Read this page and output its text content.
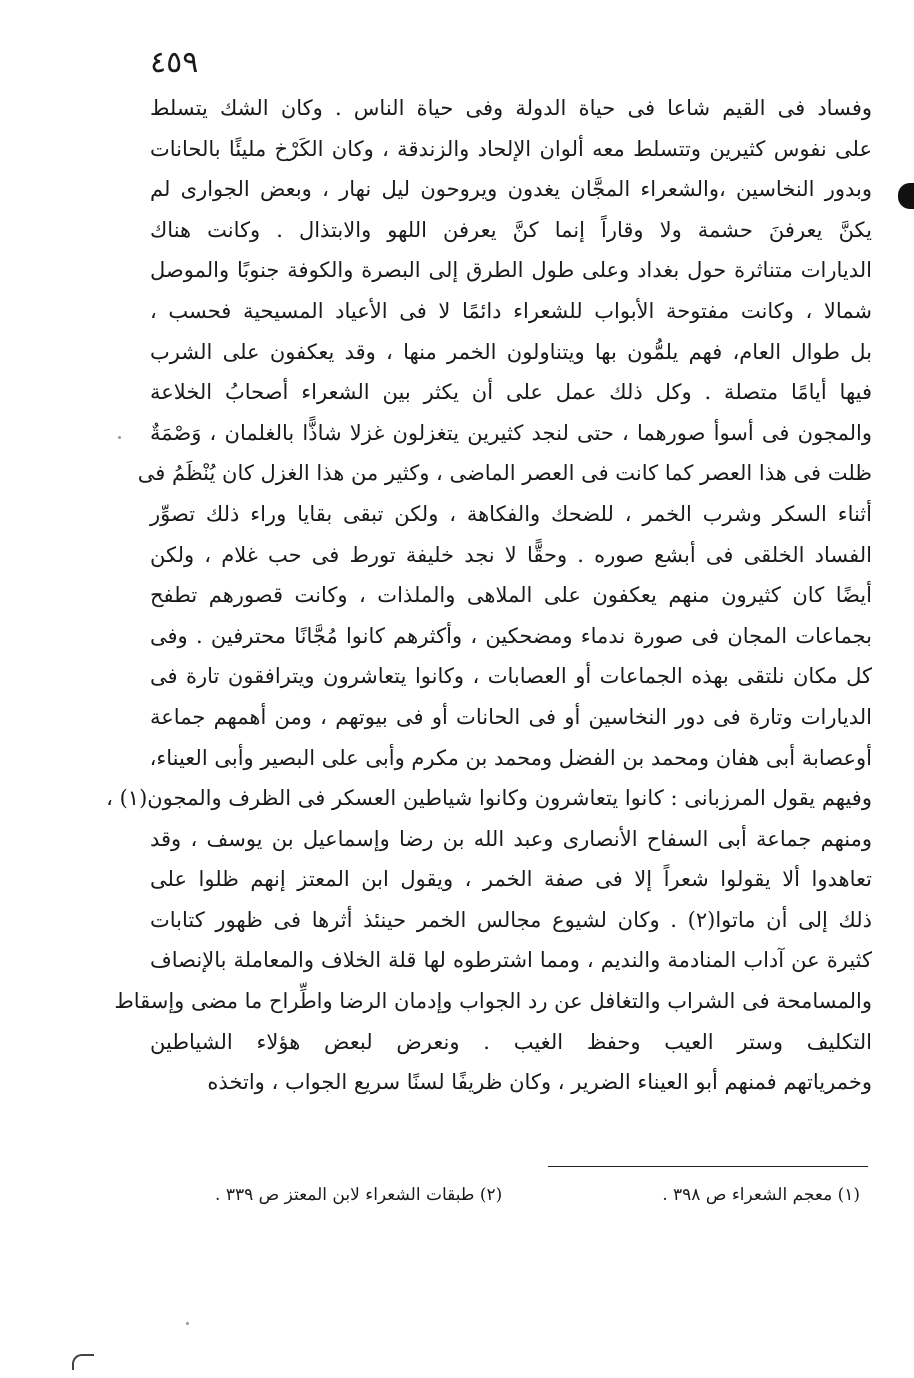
٤٥٩
وفساد فى القيم شاعا فى حياة الدولة وفى حياة الناس . وكان الشك يتسلط
على نفوس كثيرين وتتسلط معه ألوان الإلحاد والزندقة ، وكان الكَرْخ مليئًا بالحانات
وبدور النخاسين ،والشعراء المجَّان يغدون ويروحون ليل نهار ، وبعض الجوارى لم
يكنَّ يعرفنَ حشمة ولا وقاراً إنما كنَّ يعرفن اللهو والابتذال . وكانت هناك
الديارات متناثرة حول بغداد وعلى طول الطرق إلى البصرة والكوفة جنوبًا والموصل
شمالا ، وكانت مفتوحة الأبواب للشعراء دائمًا لا فى الأعياد المسيحية فحسب ،
بل طوال العام، فهم يلمُّون بها ويتناولون الخمر منها ، وقد يعكفون على الشرب
فيها أيامًا متصلة . وكل ذلك عمل على أن يكثر بين الشعراء أصحابُ الخلاعة
والمجون فى أسوأ صورهما ، حتى لنجد كثيرين يتغزلون غزلا شاذًّا بالغلمان ، وَصْمَةٌ
ظلت فى هذا العصر كما كانت فى العصر الماضى ، وكثير من هذا الغزل كان يُنْظَمُ فى
أثناء السكر وشرب الخمر ، للضحك والفكاهة ، ولكن تبقى بقايا وراء ذلك تصوِّر
الفساد الخلقى فى أبشع صوره . وحقًّا لا نجد خليفة تورط فى حب غلام ، ولكن
أيضًا كان كثيرون منهم يعكفون على الملاهى والملذات ، وكانت قصورهم تطفح
بجماعات المجان فى صورة ندماء ومضحكين ، وأكثرهم كانوا مُجَّانًا محترفين . وفى
كل مكان نلتقى بهذه الجماعات أو العصابات ، وكانوا يتعاشرون ويترافقون تارة فى
الديارات وتارة فى دور النخاسين أو فى الحانات أو فى بيوتهم ، ومن أهمهم جماعة
أوعصابة أبى هفان ومحمد بن الفضل ومحمد بن مكرم وأبى على البصير وأبى العيناء،
وفيهم يقول المرزبانى : كانوا يتعاشرون وكانوا شياطين العسكر فى الظرف والمجون(١) ،
ومنهم جماعة أبى السفاح الأنصارى وعبد الله بن رضا وإسماعيل بن يوسف ، وقد
تعاهدوا ألا يقولوا شعراً إلا فى صفة الخمر ، ويقول ابن المعتز إنهم ظلوا على
ذلك إلى أن ماتوا(٢) . وكان لشيوع مجالس الخمر حينئذ أثرها فى ظهور كتابات
كثيرة عن آداب المنادمة والنديم ، ومما اشترطوه لها قلة الخلاف والمعاملة بالإنصاف
والمسامحة فى الشراب والتغافل عن رد الجواب وإدمان الرضا واطِّراح ما مضى وإسقاط
التكليف وستر العيب وحفظ الغيب . ونعرض لبعض هؤلاء الشياطين
وخمرياتهم فمنهم أبو العيناء الضرير ، وكان ظريفًا لسنًا سريع الجواب ، واتخذه
(١) معجم الشعراء ص ٣٩٨ .
(٢) طبقات الشعراء لابن المعتز ص ٣٣٩ .
